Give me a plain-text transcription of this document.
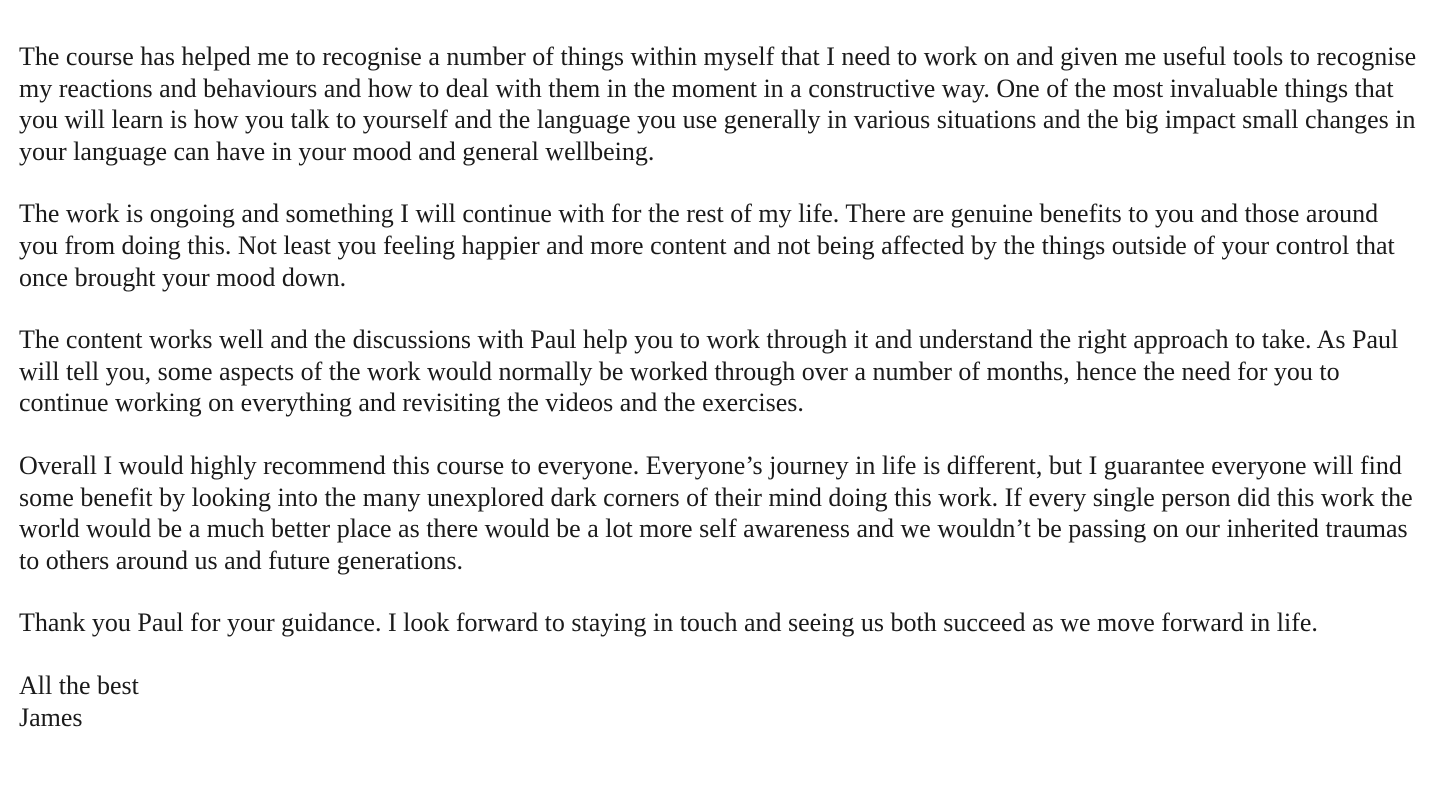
The course has helped me to recognise a number of things within myself that I need to work on and given me useful tools to recognise my reactions and behaviours and how to deal with them in the moment in a constructive way. One of the most invaluable things that you will learn is how you talk to yourself and the language you use generally in various situations and the big impact small changes in your language can have in your mood and general wellbeing.

The work is ongoing and something I will continue with for the rest of my life. There are genuine benefits to you and those around you from doing this. Not least you feeling happier and more content and not being affected by the things outside of your control that once brought your mood down.

The content works well and the discussions with Paul help you to work through it and understand the right approach to take. As Paul will tell you, some aspects of the work would normally be worked through over a number of months, hence the need for you to continue working on everything and revisiting the videos and the exercises.

Overall I would highly recommend this course to everyone. Everyone’s journey in life is different, but I guarantee everyone will find some benefit by looking into the many unexplored dark corners of their mind doing this work. If every single person did this work the world would be a much better place as there would be a lot more self awareness and we wouldn’t be passing on our inherited traumas to others around us and future generations.

Thank you Paul for your guidance. I look forward to staying in touch and seeing us both succeed as we move forward in life.

All the best
James
